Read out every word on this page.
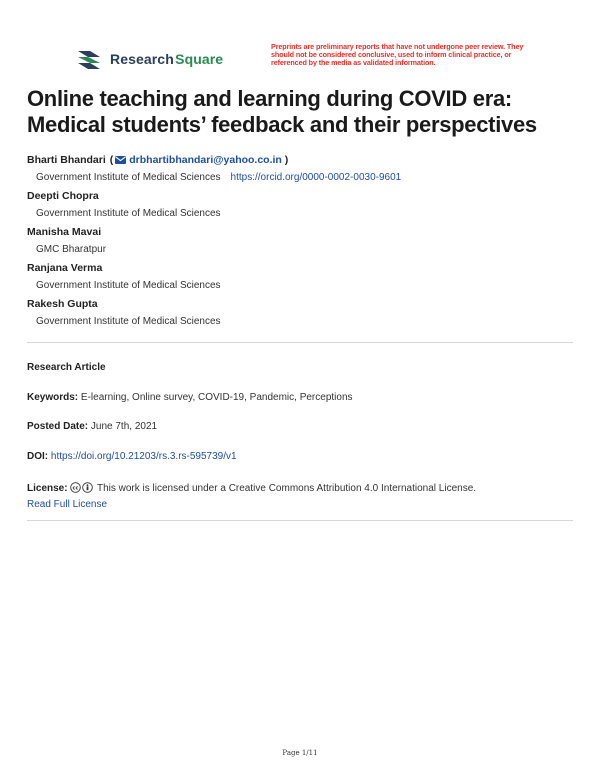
Research Square
Preprints are preliminary reports that have not undergone peer review. They should not be considered conclusive, used to inform clinical practice, or referenced by the media as validated information.
Online teaching and learning during COVID era: Medical students’ feedback and their perspectives
Bharti Bhandari ( drbhartibhandari@yahoo.co.in )
Government Institute of Medical Sciences https://orcid.org/0000-0002-0030-9601
Deepti Chopra
Government Institute of Medical Sciences
Manisha Mavai
GMC Bharatpur
Ranjana Verma
Government Institute of Medical Sciences
Rakesh Gupta
Government Institute of Medical Sciences
Research Article
Keywords: E-learning, Online survey, COVID-19, Pandemic, Perceptions
Posted Date: June 7th, 2021
DOI: https://doi.org/10.21203/rs.3.rs-595739/v1
License: cc This work is licensed under a Creative Commons Attribution 4.0 International License.
Read Full License
Page 1/11
